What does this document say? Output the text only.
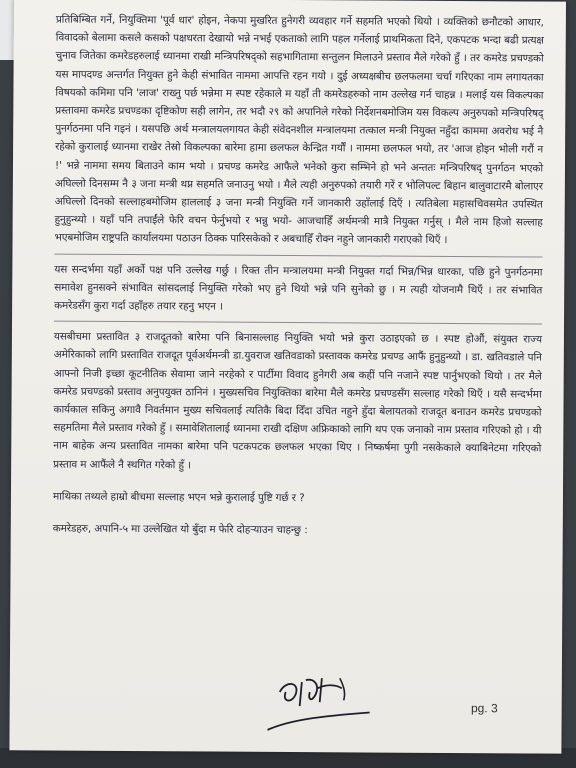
प्रतिबिम्बित गर्ने, नियुक्तिमा 'पूर्व धार' होइन, नेकपा मुखरित हुनेगरी व्यवहार गर्ने सहमति भएको थियो । व्यक्तिको छनौटको आधार, विवादको बेलामा कसले कसको पक्षधरता देखायो भन्ने नभई एकताको लागि पहल गर्नेलाई प्राथमिकता दिने, एकपटक भन्दा बढी प्रत्यक्ष चुनाव जितेका कमरेडहरुलाई ध्यानमा राखी मन्त्रिपरिषद्को सहभागितामा सन्तुलन मिलाउने प्रस्ताव मैले गरेको हुँ । तर कमरेड प्रचण्डको यस मापदण्ड अन्तर्गत नियुक्त हुने केही संभावित नाममा आपत्ति रहन गयो । दुई अध्यक्षबीच छलफलमा चर्चा गरिएका नाम लगायतका विषयको कमिमा पनि 'लाज' राख्नु पर्छ भन्नेमा म स्पष्ट रहेकाले म यहाँ ती कमरेडहरुको नाम उल्लेख गर्न चाहन्न । मलाई यस विकल्पका प्रस्तावमा कमरेड प्रचण्डका दृष्टिकोण सही लागेन, तर भदौ २९ को अपानिले गरेको निर्देशनबमोजिम यस विकल्प अनुरुपको मन्त्रिपरिषद् पुनर्गठनमा पनि गइनं । यसपछि अर्थ मन्त्रालयलगायत केही संवेदनशील मन्त्रालयमा तत्काल मन्त्री नियुक्त नहुँदा काममा अवरोध भई नै रहेको कुरालाई ध्यानमा राखेर तेस्रो विकल्पका बारेमा हामा छलफल केन्द्रित गर्यौं । नाममा छलफल भयो, तर 'आज होइन भोली गरौं न !' भन्ने नाममा समय बिताउने काम भयो । प्रचण्ड कमरेड आफैले भनेको कुरा सम्भिने हो भने अन्ततः मन्त्रिपरिषद् पुनर्गठन भएको अघिल्लो दिनसम्म नै ३ जना मन्त्री थप्न सहमति जनाउनु भयो । मैले त्यही अनुरुपको तयारी गरें र भोलिपल्ट बिहान बालुवाटारमै बोलाएर अघिल्लो दिनको सल्लाहबमोजिम हाललाई ३ जना मन्त्री नियुक्ति गर्ने जानकारी उहाँलाई दिएँ । त्यतिबेला महासचिवसमेत उपस्थित हुनुहुन्थ्यो । यहाँ पनि तपाईंले फेरि वचन फेर्नुभयो र भन्नु भयो- आजचाहिँ अर्थमन्त्री मात्रै नियुक्त गर्नुस् । मैले नाम हिजो सल्लाह भएबमोजिम राष्ट्रपति कार्यालयमा पठाउन ठिक्क पारिसकेको र अबचाहिँ रोक्न नहुने जानकारी गराएको थिएँ ।

यस सन्दर्भमा यहाँ अर्को पक्ष पनि उल्लेख गर्छु । रिक्त तीन मन्त्रालयमा मन्त्री नियुक्त गर्दा भिन्न/भिन्न धारका, पछि हुने पुनर्गठनमा समावेश हुनसक्ने संभावित सांसदलाई नियुक्ति गरेको भए हुने थियो भन्ने पनि सुनेको छु । म त्यही योजनामै थिएँ । तर संभावित कमरेडसँग कुरा गर्दा उहाँहरु तयार रहनु भएन ।

यसबीचमा प्रस्तावित ३ राजदूतको बारेमा पनि बिनासल्लाह नियुक्ति भयो भन्ने कुरा उठाइएको छ । स्पष्ट होऔं, संयुक्त राज्य अमेरिकाको लागि प्रस्तावित राजदूत पूर्वअर्थमन्त्री डा.युवराज खतिवडाको प्रस्तावक कमरेड प्रचण्ड आफैं हुनुहुन्थ्यो । डा. खतिवडाले पनि आफ्नो निजी इच्छा कूटनीतिक सेवामा जाने नरहेको र पार्टीमा विवाद हुनेगरी अब कहीं पनि नजाने स्पष्ट पार्नुभएको थियो । तर मैले कमरेड प्रचण्डको प्रस्ताव अनुपयुक्त ठानिनं । मुख्यसचिव नियुक्तिका बारेमा मैले कमरेड प्रचण्डसँग सल्लाह गरेको थिएँ । यसै सन्दर्भमा कार्यकाल सकिनु अगावै निवर्तमान मुख्य सचिवलाई त्यतिकै बिदा दिँदा उचित नहुने हुँदा बेलायतको राजदूत बनाउन कमरेड प्रचण्डको सहमतिमा मैले प्रस्ताव गरेको हुँ । समावेशितालाई ध्यानमा राखी दक्षिण अफ्रिकाको लागि थप एक जनाको नाम प्रस्ताव गरिएको हो । यी नाम बाहेक अन्य प्रस्तावित नामका बारेमा पनि पटकपटक छलफल भएका थिए । निष्कर्षमा पुगी नसकेकाले क्याबिनेटमा गरिएको प्रस्ताव म आफैंले नै स्थगित गरेको हुँ ।

माथिका तथ्यले हाम्रो बीचमा सल्लाह भएन भन्ने कुरालाई पुष्टि गर्छ र ?

कमरेडहरु, अपानि-५ मा उल्लेखित यो बुँदा म फेरि दोहऱ्याउन चाहन्छु :

pg. 3
